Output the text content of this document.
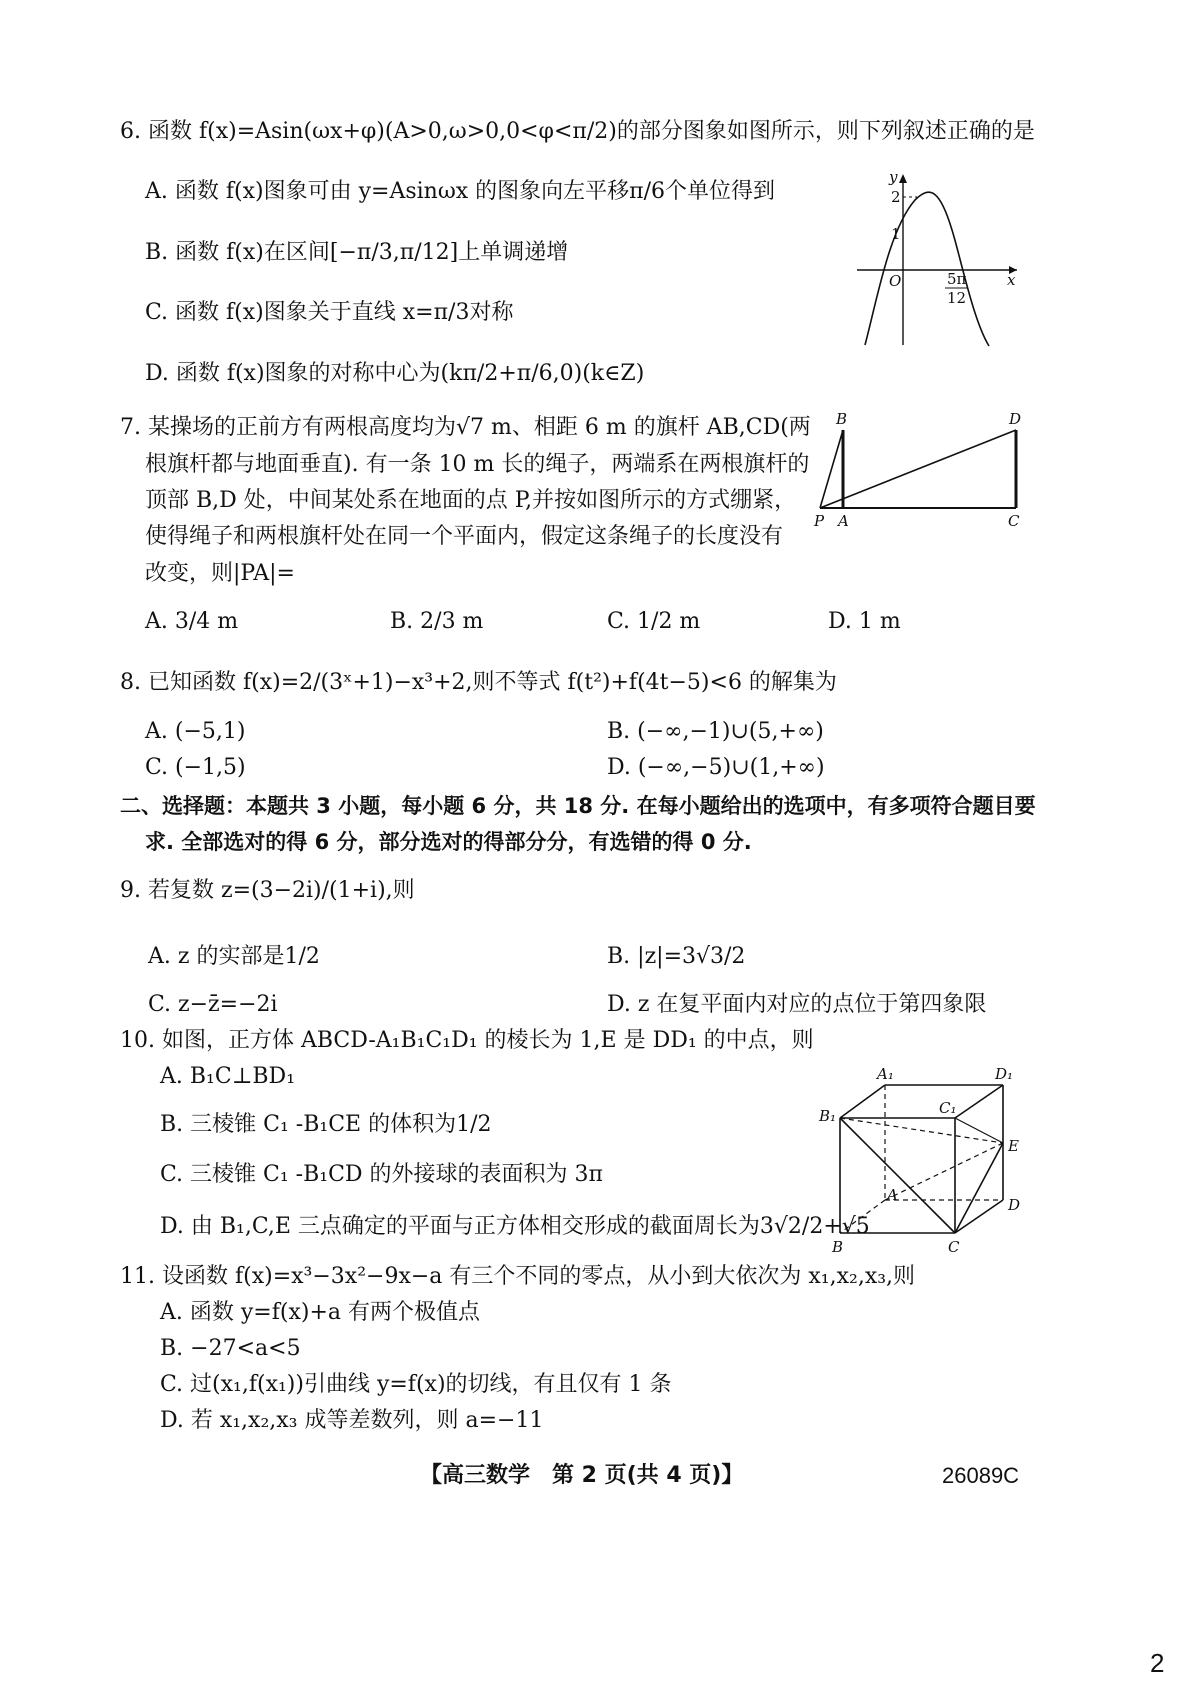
6. 函数 f(x)=Asin(ωx+φ)(A>0,ω>0,0<φ<π/2)的部分图象如图所示，则下列叙述正确的是
A. 函数 f(x)图象可由 y=Asinωx 的图象向左平移π/6个单位得到
B. 函数 f(x)在区间[−π/3,π/12]上单调递增
C. 函数 f(x)图象关于直线 x=π/3对称
D. 函数 f(x)图象的对称中心为(kπ/2+π/6,0)(k∈Z)
y
x
O
2
1
5π
12
7. 某操场的正前方有两根高度均为√7 m、相距 6 m 的旗杆 AB,CD(两
根旗杆都与地面垂直). 有一条 10 m 长的绳子，两端系在两根旗杆的
顶部 B,D 处，中间某处系在地面的点 P,并按如图所示的方式绷紧，
使得绳子和两根旗杆处在同一个平面内，假定这条绳子的长度没有
改变，则|PA|=
B	D
P A	C
A. 3/4 m	B. 2/3 m	C. 1/2 m	D. 1 m
8. 已知函数 f(x)=2/(3ˣ+1)−x³+2,则不等式 f(t²)+f(4t−5)<6 的解集为
A. (−5,1)	B. (−∞,−1)∪(5,+∞)
C. (−1,5)	D. (−∞,−5)∪(1,+∞)
二、选择题：本题共 3 小题，每小题 6 分，共 18 分. 在每小题给出的选项中，有多项符合题目要
求. 全部选对的得 6 分，部分选对的得部分分，有选错的得 0 分.
9. 若复数 z=(3−2i)/(1+i),则
A. z 的实部是1/2	B. |z|=3√3/2
C. z−z̄=−2i	D. z 在复平面内对应的点位于第四象限
10. 如图，正方体 ABCD-A₁B₁C₁D₁ 的棱长为 1,E 是 DD₁ 的中点，则
A. B₁C⊥BD₁
B. 三棱锥 C₁ -B₁CE 的体积为1/2
C. 三棱锥 C₁ -B₁CD 的外接球的表面积为 3π
D. 由 B₁,C,E 三点确定的平面与正方体相交形成的截面周长为3√2/2+√5
A₁	D₁
B₁	C₁
E
A
D
B	C
11. 设函数 f(x)=x³−3x²−9x−a 有三个不同的零点，从小到大依次为 x₁,x₂,x₃,则
A. 函数 y=f(x)+a 有两个极值点
B. −27<a<5
C. 过(x₁,f(x₁))引曲线 y=f(x)的切线，有且仅有 1 条
D. 若 x₁,x₂,x₃ 成等差数列，则 a=−11
【高三数学　第 2 页(共 4 页)】	26089C
2
